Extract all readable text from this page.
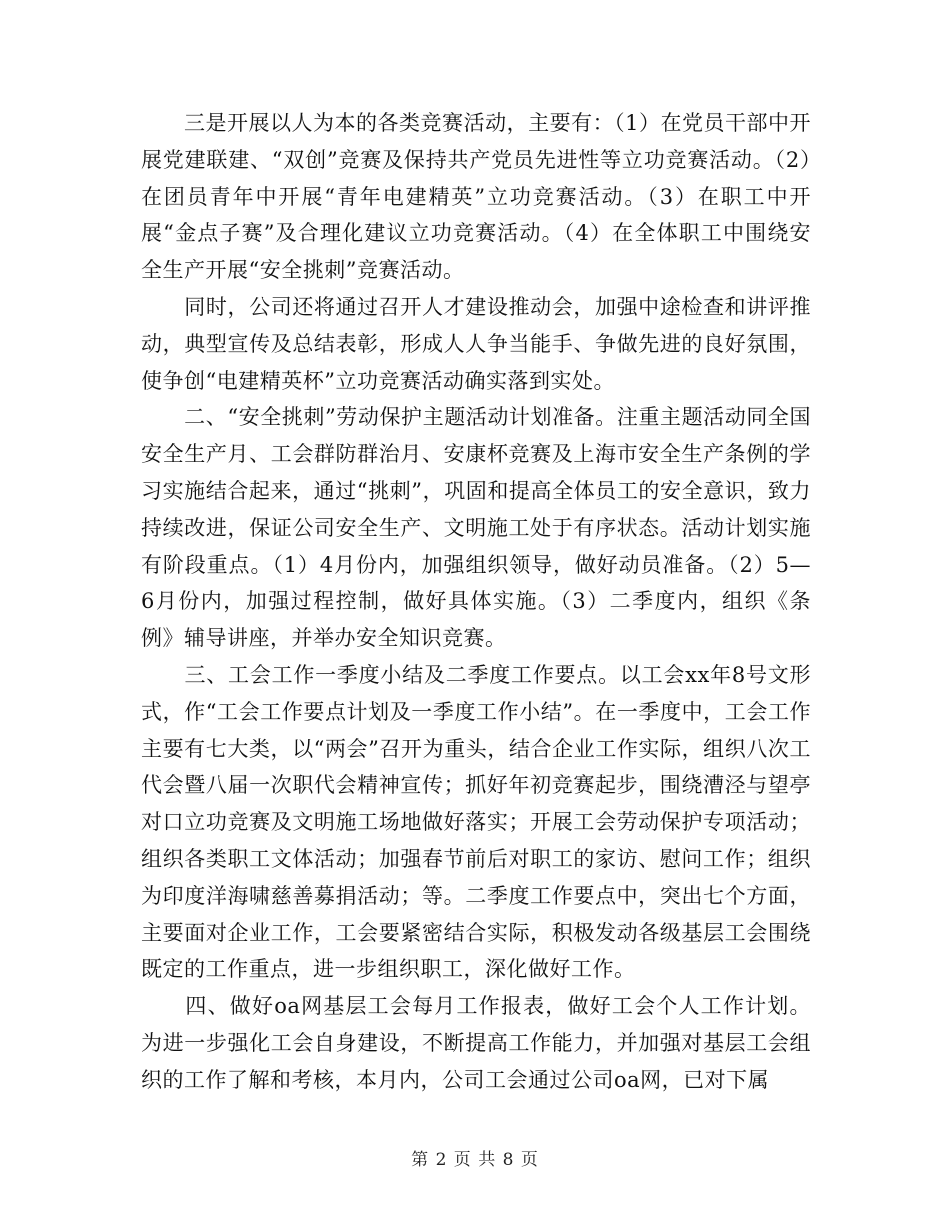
　　三是开展以人为本的各类竞赛活动，主要有：（1）在党员干部中开展党建联建、“双创”竞赛及保持共产党员先进性等立功竞赛活动。（2）在团员青年中开展“青年电建精英”立功竞赛活动。（3）在职工中开展“金点子赛”及合理化建议立功竞赛活动。（4）在全体职工中围绕安全生产开展“安全挑刺”竞赛活动。

　　同时，公司还将通过召开人才建设推动会，加强中途检查和讲评推动，典型宣传及总结表彰，形成人人争当能手、争做先进的良好氛围，使争创“电建精英杯”立功竞赛活动确实落到实处。

　　二、“安全挑刺”劳动保护主题活动计划准备。注重主题活动同全国安全生产月、工会群防群治月、安康杯竞赛及上海市安全生产条例的学习实施结合起来，通过“挑刺”，巩固和提高全体员工的安全意识，致力持续改进，保证公司安全生产、文明施工处于有序状态。活动计划实施有阶段重点。（1）4月份内，加强组织领导，做好动员准备。（2）5—6月份内，加强过程控制，做好具体实施。（3）二季度内，组织《条例》辅导讲座，并举办安全知识竞赛。

　　三、工会工作一季度小结及二季度工作要点。以工会xx年8号文形式，作“工会工作要点计划及一季度工作小结”。在一季度中，工会工作主要有七大类，以“两会”召开为重头，结合企业工作实际，组织八次工代会暨八届一次职代会精神宣传；抓好年初竞赛起步，围绕漕泾与望亭对口立功竞赛及文明施工场地做好落实；开展工会劳动保护专项活动；组织各类职工文体活动；加强春节前后对职工的家访、慰问工作；组织为印度洋海啸慈善募捐活动；等。二季度工作要点中，突出七个方面，主要面对企业工作，工会要紧密结合实际，积极发动各级基层工会围绕既定的工作重点，进一步组织职工，深化做好工作。

　　四、做好oa网基层工会每月工作报表，做好工会个人工作计划。为进一步强化工会自身建设，不断提高工作能力，并加强对基层工会组织的工作了解和考核，本月内，公司工会通过公司oa网，已对下属

第 2 页 共 8 页
